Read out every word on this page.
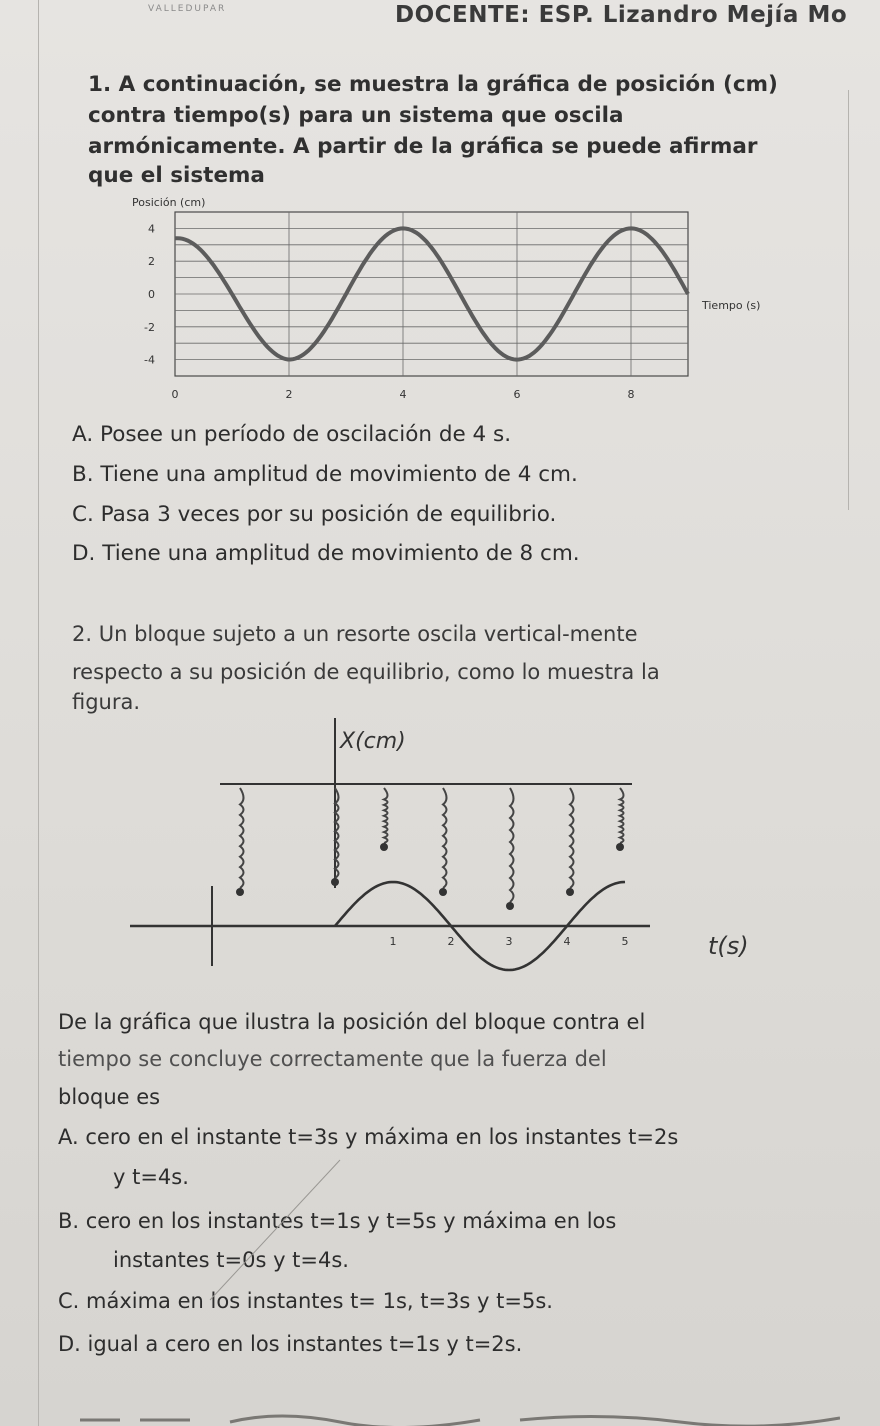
VALLEDUPAR	DOCENTE: ESP. Lizandro Mejía Mo
1. A continuación, se muestra la gráfica de posición (cm)
contra tiempo(s) para un sistema que oscila
armónicamente. A partir de la gráfica se puede afirmar
que el sistema
Posición (cm)
4
2
0
-2
-4
0	2	4	6	8
Tiempo (s)
A. Posee un período de oscilación de 4 s.
B. Tiene una amplitud de movimiento de 4 cm.
C. Pasa 3 veces por su posición de equilibrio.
D. Tiene una amplitud de movimiento de 8 cm.
2. Un bloque sujeto a un resorte oscila vertical-mente
respecto a su posición de equilibrio, como lo muestra la
figura.
X(cm)
1	2	3	4	5	t(s)
De la gráfica que ilustra la posición del bloque contra el
tiempo se concluye correctamente que la fuerza del
bloque es
A. cero en el instante t=3s y máxima en los instantes t=2s
y t=4s.
B. cero en los instantes t=1s y t=5s y máxima en los
instantes t=0s y t=4s.
C. máxima en los instantes t= 1s, t=3s y t=5s.
D. igual a cero en los instantes t=1s y t=2s.
